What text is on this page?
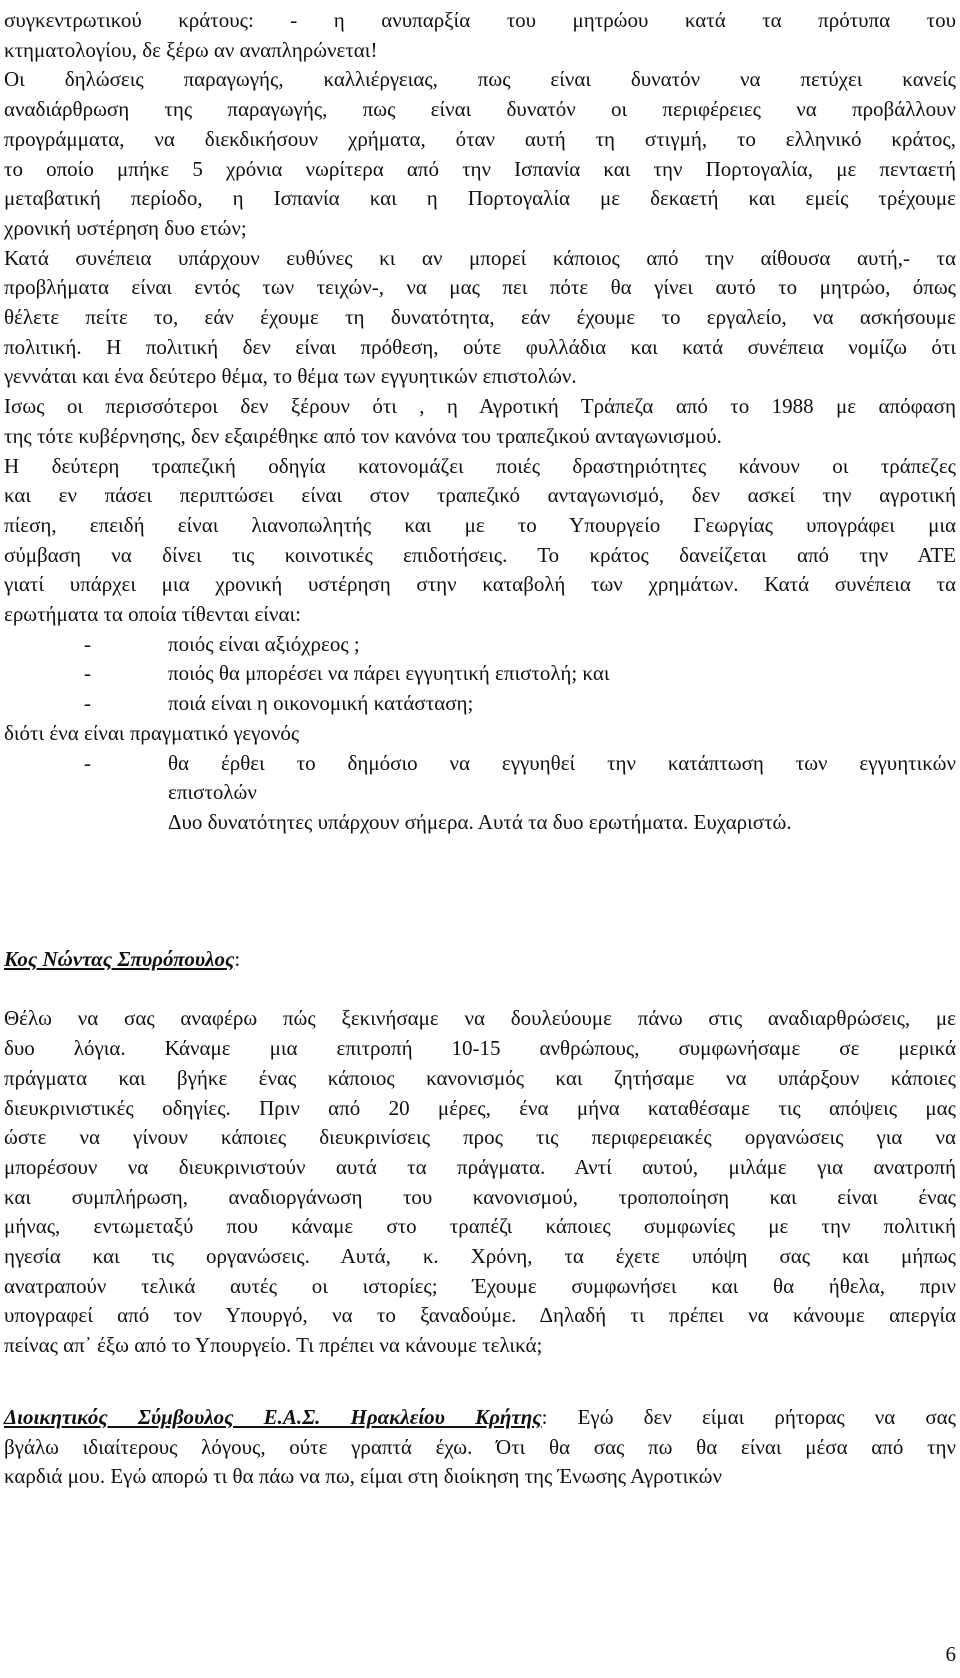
συγκεντρωτικού κράτους: - η ανυπαρξία του μητρώου κατά τα πρότυπα του
κτηματολογίου, δε ξέρω αν αναπληρώνεται!
Οι δηλώσεις παραγωγής, καλλιέργειας, πως είναι δυνατόν να πετύχει κανείς
αναδιάρθρωση της παραγωγής, πως είναι δυνατόν οι περιφέρειες να προβάλλουν
προγράμματα, να διεκδικήσουν χρήματα, όταν αυτή τη στιγμή, το ελληνικό κράτος,
το οποίο μπήκε 5 χρόνια νωρίτερα από την Ισπανία και την Πορτογαλία, με πενταετή
μεταβατική περίοδο, η Ισπανία και η Πορτογαλία με δεκαετή και εμείς τρέχουμε
χρονική υστέρηση δυο ετών;
Κατά συνέπεια υπάρχουν ευθύνες κι αν μπορεί κάποιος από την αίθουσα αυτή,- τα
προβλήματα είναι εντός των τειχών-, να μας πει πότε θα γίνει αυτό το μητρώο, όπως
θέλετε πείτε το, εάν έχουμε τη δυνατότητα, εάν έχουμε το εργαλείο, να ασκήσουμε
πολιτική. Η πολιτική δεν είναι πρόθεση, ούτε φυλλάδια και κατά συνέπεια νομίζω ότι
γεννάται και ένα δεύτερο θέμα, το θέμα των εγγυητικών επιστολών.
Ισως οι περισσότεροι δεν ξέρουν ότι , η Αγροτική Τράπεζα από το 1988 με απόφαση
της τότε κυβέρνησης, δεν εξαιρέθηκε από τον κανόνα του τραπεζικού ανταγωνισμού.
Η δεύτερη τραπεζική οδηγία κατονομάζει ποιές δραστηριότητες κάνουν οι τράπεζες
και εν πάσει περιπτώσει είναι στον τραπεζικό ανταγωνισμό, δεν ασκεί την αγροτική
πίεση, επειδή είναι λιανοπωλητής και με το Υπουργείο Γεωργίας υπογράφει μια
σύμβαση να δίνει τις κοινοτικές επιδοτήσεις. Το κράτος δανείζεται από την ΑΤΕ
γιατί υπάρχει μια χρονική υστέρηση στην καταβολή των χρημάτων. Κατά συνέπεια τα
ερωτήματα τα οποία τίθενται είναι:
-	ποιός είναι αξιόχρεος ;
-	ποιός θα μπορέσει να πάρει εγγυητική επιστολή; και
-	ποιά είναι η οικονομική κατάσταση;
διότι ένα είναι πραγματικό γεγονός
-	θα έρθει το δημόσιο να εγγυηθεί την κατάπτωση των εγγυητικών
επιστολών
Δυο δυνατότητες υπάρχουν σήμερα. Αυτά τα δυο ερωτήματα. Ευχαριστώ.
Κος Νώντας Σπυρόπουλος:

Θέλω να σας αναφέρω πώς ξεκινήσαμε να δουλεύουμε πάνω στις αναδιαρθρώσεις, με
δυο λόγια. Κάναμε μια επιτροπή 10-15 ανθρώπους, συμφωνήσαμε σε μερικά
πράγματα και βγήκε ένας κάποιος κανονισμός και ζητήσαμε να υπάρξουν κάποιες
διευκρινιστικές οδηγίες. Πριν από 20 μέρες, ένα μήνα καταθέσαμε τις απόψεις μας
ώστε να γίνουν κάποιες διευκρινίσεις προς τις περιφερειακές οργανώσεις για να
μπορέσουν να διευκρινιστούν αυτά τα πράγματα. Αντί αυτού, μιλάμε για ανατροπή
και συμπλήρωση, αναδιοργάνωση του κανονισμού, τροποποίηση και είναι ένας
μήνας, εντωμεταξύ που κάναμε στο τραπέζι κάποιες συμφωνίες με την πολιτική
ηγεσία και τις οργανώσεις. Αυτά, κ. Χρόνη, τα έχετε υπόψη σας και μήπως
ανατραπούν τελικά αυτές οι ιστορίες; Έχουμε συμφωνήσει και θα ήθελα, πριν
υπογραφεί από τον Υπουργό, να το ξαναδούμε. Δηλαδή τι πρέπει να κάνουμε απεργία
πείνας απ᾽ έξω από το Υπουργείο. Τι πρέπει να κάνουμε τελικά;
Διοικητικός Σύμβουλος Ε.Α.Σ. Ηρακλείου Κρήτης: Εγώ δεν είμαι ρήτορας να σας
βγάλω ιδιαίτερους λόγους, ούτε γραπτά έχω. Ότι θα σας πω θα είναι μέσα από την
καρδιά μου. Εγώ απορώ τι θα πάω να πω, είμαι στη διοίκηση της Ένωσης Αγροτικών
6
